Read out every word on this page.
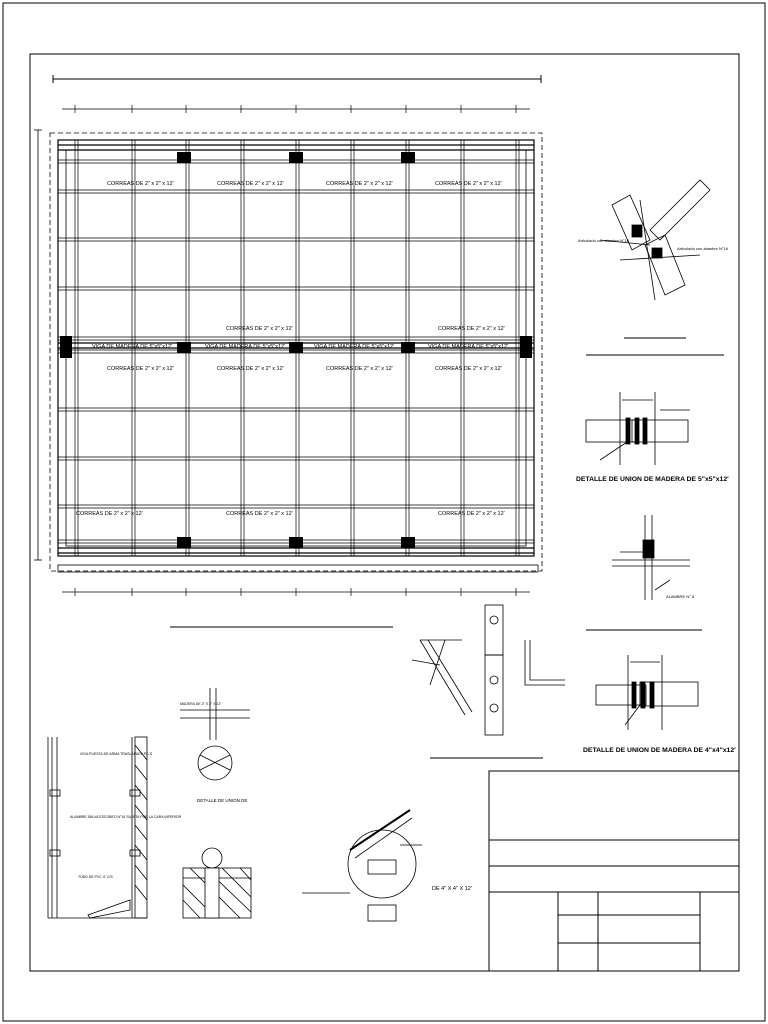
CORREAS DE 2" x 2" x 12'	CORREAS DE 2" x 2" x 12'	CORREAS DE 2" x 2" x 12'	CORREAS DE 2" x 2" x 12'
CORREAS DE 2" x 2" x 12'	CORREAS DE 2" x 2" x 12'
CORREAS DE 2" x 2" x 12'	CORREAS DE 2" x 2" x 12'	CORREAS DE 2" x 2" x 12'	CORREAS DE 2" x 2" x 12'
CORREAS DE 2" x 2" x 12'	CORREAS DE 2" x 2" x 12'	CORREAS DE 2" x 2" x 12'
VIGA DE MADERA DE 5"x5"x12'	VIGA DE MADERA DE 5"x5"x12'	VIGA DE MADERA DE 5"x5"x12'	VIGA DE MADERA DE 5"x5"x12'
Articulado con alambre N°16
Articulado con alambre N°16
DETALLE DE UNION DE MADERA DE 5"x5"x12'
ALAMBRE N° 8
DETALLE DE UNION DE MADERA DE 4"x4"x12'
DETALLE DE UNION DE
MADERA DE 2" X 2" X 12'
VIGA PUESTA DE ARMA TRASLAPADA PC-S
ALAMBRE SALVA ESCOBEO N°16 SUJETA POR LA CARA INFERIOR
TUBO DE PVC 4" C/S
DE 4" X 4" X 12'
